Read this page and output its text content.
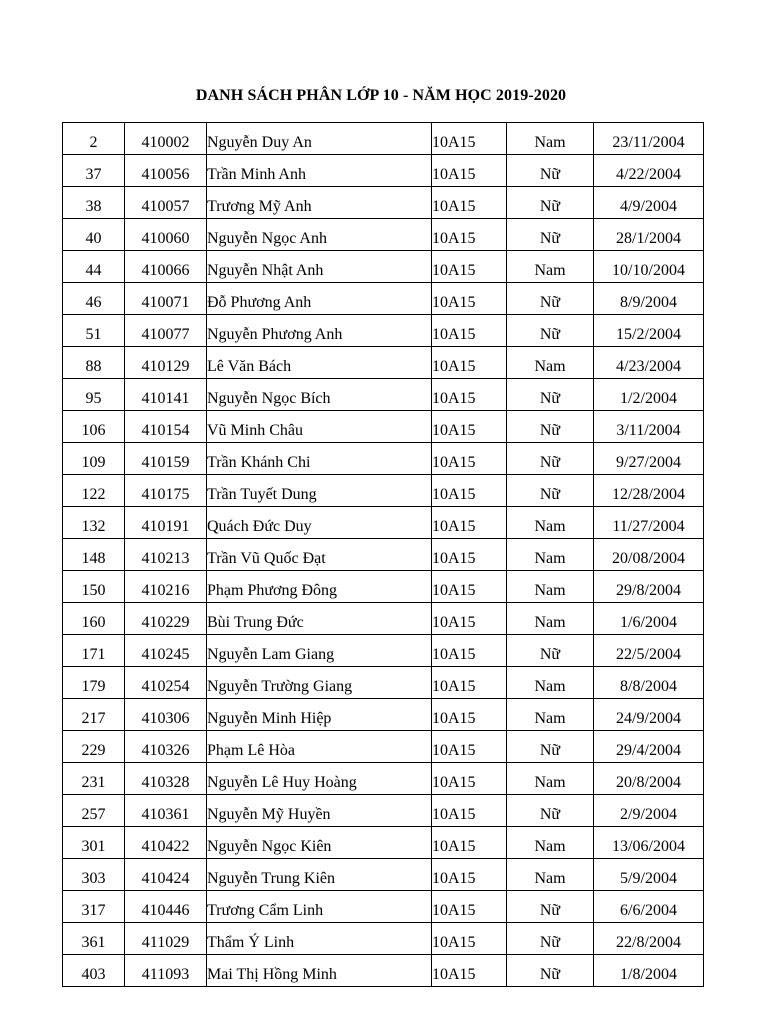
DANH SÁCH PHÂN LỚP 10 - NĂM HỌC 2019-2020
2	410002	Nguyễn Duy An	10A15	Nam	23/11/2004
37	410056	Trần Minh Anh	10A15	Nữ	4/22/2004
38	410057	Trương Mỹ Anh	10A15	Nữ	4/9/2004
40	410060	Nguyễn Ngọc Anh	10A15	Nữ	28/1/2004
44	410066	Nguyễn Nhật Anh	10A15	Nam	10/10/2004
46	410071	Đỗ Phương Anh	10A15	Nữ	8/9/2004
51	410077	Nguyễn Phương Anh	10A15	Nữ	15/2/2004
88	410129	Lê Văn Bách	10A15	Nam	4/23/2004
95	410141	Nguyễn Ngọc Bích	10A15	Nữ	1/2/2004
106	410154	Vũ Minh Châu	10A15	Nữ	3/11/2004
109	410159	Trần Khánh Chi	10A15	Nữ	9/27/2004
122	410175	Trần Tuyết Dung	10A15	Nữ	12/28/2004
132	410191	Quách Đức Duy	10A15	Nam	11/27/2004
148	410213	Trần Vũ Quốc Đạt	10A15	Nam	20/08/2004
150	410216	Phạm Phương Đông	10A15	Nam	29/8/2004
160	410229	Bùi Trung Đức	10A15	Nam	1/6/2004
171	410245	Nguyễn Lam Giang	10A15	Nữ	22/5/2004
179	410254	Nguyễn Trường Giang	10A15	Nam	8/8/2004
217	410306	Nguyễn Minh Hiệp	10A15	Nam	24/9/2004
229	410326	Phạm Lê Hòa	10A15	Nữ	29/4/2004
231	410328	Nguyễn Lê Huy Hoàng	10A15	Nam	20/8/2004
257	410361	Nguyễn Mỹ Huyền	10A15	Nữ	2/9/2004
301	410422	Nguyễn Ngọc Kiên	10A15	Nam	13/06/2004
303	410424	Nguyễn Trung Kiên	10A15	Nam	5/9/2004
317	410446	Trương Cẩm Linh	10A15	Nữ	6/6/2004
361	411029	Thẩm Ý Linh	10A15	Nữ	22/8/2004
403	411093	Mai Thị Hồng Minh	10A15	Nữ	1/8/2004
